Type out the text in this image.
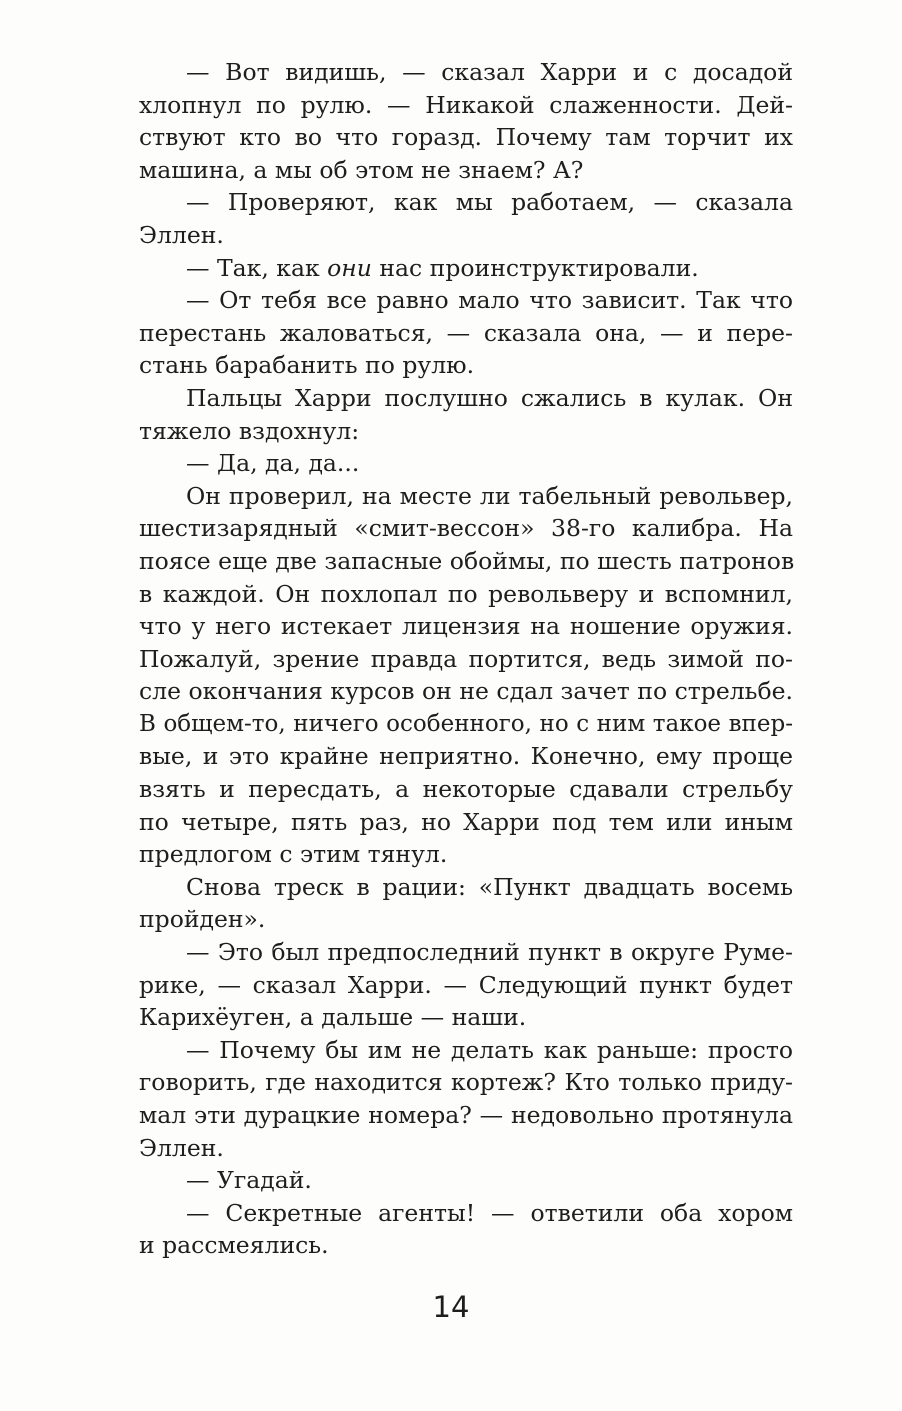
— Вот видишь, — сказал Харри и с досадой
хлопнул по рулю. — Никакой слаженности. Дей-
ствуют кто во что горазд. Почему там торчит их
машина, а мы об этом не знаем? А?
— Проверяют, как мы работаем, — сказала
Эллен.
— Так, как они нас проинструктировали.
— От тебя все равно мало что зависит. Так что
перестань жаловаться, — сказала она, — и пере-
стань барабанить по рулю.
Пальцы Харри послушно сжались в кулак. Он
тяжело вздохнул:
— Да, да, да...
Он проверил, на месте ли табельный револьвер,
шестизарядный «смит-вессон» 38-го калибра. На
поясе еще две запасные обоймы, по шесть патронов
в каждой. Он похлопал по револьверу и вспомнил,
что у него истекает лицензия на ношение оружия.
Пожалуй, зрение правда портится, ведь зимой по-
сле окончания курсов он не сдал зачет по стрельбе.
В общем-то, ничего особенного, но с ним такое впер-
вые, и это крайне неприятно. Конечно, ему проще
взять и пересдать, а некоторые сдавали стрельбу
по четыре, пять раз, но Харри под тем или иным
предлогом с этим тянул.
Снова треск в рации: «Пункт двадцать восемь
пройден».
— Это был предпоследний пункт в округе Руме-
рике, — сказал Харри. — Следующий пункт будет
Карихёуген, а дальше — наши.
— Почему бы им не делать как раньше: просто
говорить, где находится кортеж? Кто только приду-
мал эти дурацкие номера? — недовольно протянула
Эллен.
— Угадай.
— Секретные агенты! — ответили оба хором
и рассмеялись.
14
